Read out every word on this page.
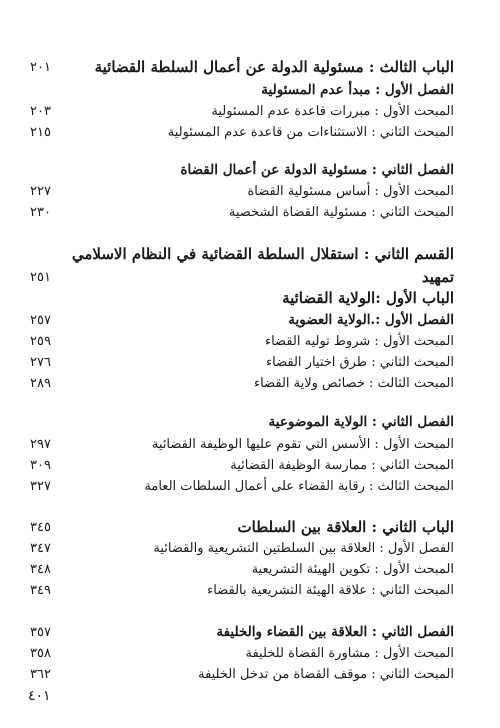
الباب الثالث : مسئولية الدولة عن أعمال السلطة القضائية
٢٠١
الفصل الأول : مبدأ عدم المسئولية
المبحث الأول : مبررات قاعدة عدم المسئولية
٢٠٣
المبحث الثاني : الاستثناءات من قاعدة عدم المسئولية
٢١٥
الفصل الثاني : مسئولية الدولة عن أعمال القضاة
المبحث الأول : أساس مسئولية القضاة
٢٢٧
المبحث الثاني : مسئولية القضاة الشخصية
٢٣٠
القسم الثاني : استقلال السلطة القضائية في النظام الاسلامي
تمهيد
٢٥١
الباب الأول :الولاية القضائية
الفصل الأول :.الولاية العضوية
٢٥٧
المبحث الأول : شروط توليه القضاء
٢٥٩
المبحث الثاني : طرق اختيار القضاء
٢٧٦
المبحث الثالث : خصائص ولاية القضاء
٢٨٩
الفصل الثاني : الولاية الموضوعية
المبحث الأول : الأسس التي تقوم عليها الوظيفة القضائية
٢٩٧
المبحث الثاني : ممارسة الوظيفة القضائية
٣٠٩
المبحث الثالث : رقابة القضاء على أعمال السلطات العامة
٣٢٧
الباب الثاني : العلاقة بين السلطات
٣٤٥
الفصل الأول : العلاقة بين السلطتين التشريعية والقضائية
٣٤٧
المبحث الأول : تكوين الهيئة التشريعية
٣٤٨
المبحث الثاني : علاقة الهيئة التشريعية بالقضاء
٣٤٩
الفصل الثاني : العلاقة بين القضاء والخليفة
٣٥٧
المبحث الأول : مشاورة القضاة للخليفة
٣٥٨
المبحث الثاني : موقف القضاة من تدخل الخليفة
٣٦٢
٤٠١
